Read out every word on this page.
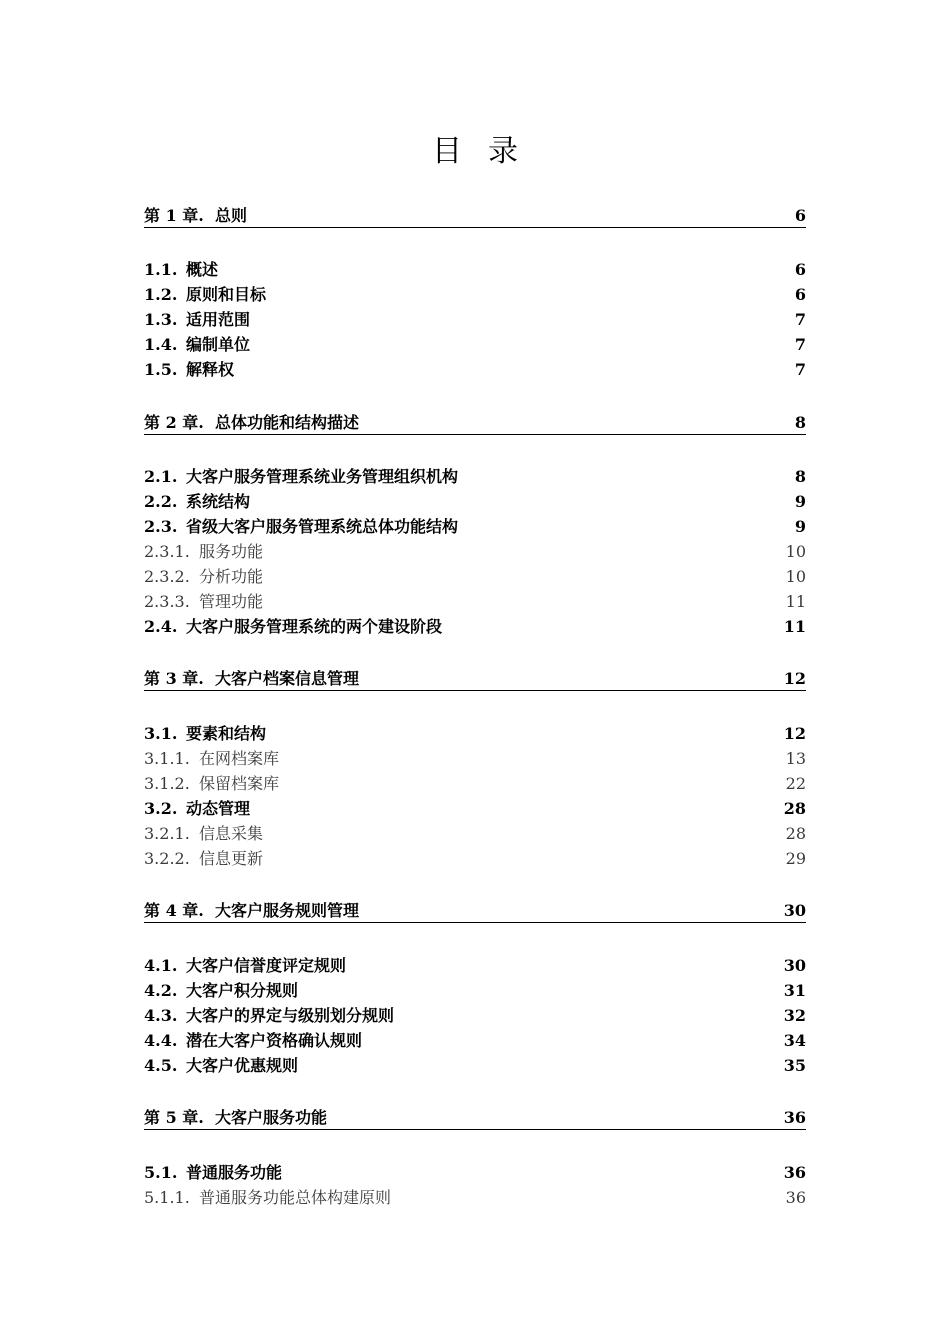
目 录
第 1 章. 总则	6
1.1. 概述	6
1.2. 原则和目标	6
1.3. 适用范围	7
1.4. 编制单位	7
1.5. 解释权	7
第 2 章. 总体功能和结构描述	8
2.1. 大客户服务管理系统业务管理组织机构	8
2.2. 系统结构	9
2.3. 省级大客户服务管理系统总体功能结构	9
2.3.1. 服务功能	10
2.3.2. 分析功能	10
2.3.3. 管理功能	11
2.4. 大客户服务管理系统的两个建设阶段	11
第 3 章. 大客户档案信息管理	12
3.1. 要素和结构	12
3.1.1. 在网档案库	13
3.1.2. 保留档案库	22
3.2. 动态管理	28
3.2.1. 信息采集	28
3.2.2. 信息更新	29
第 4 章. 大客户服务规则管理	30
4.1. 大客户信誉度评定规则	30
4.2. 大客户积分规则	31
4.3. 大客户的界定与级别划分规则	32
4.4. 潜在大客户资格确认规则	34
4.5. 大客户优惠规则	35
第 5 章. 大客户服务功能	36
5.1. 普通服务功能	36
5.1.1. 普通服务功能总体构建原则	36
